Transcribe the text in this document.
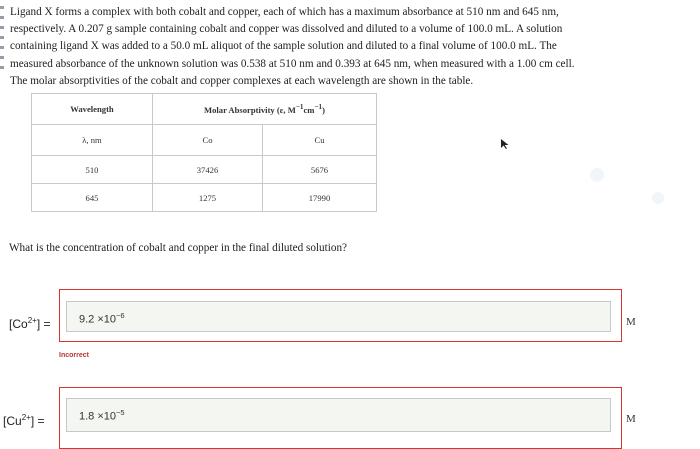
Ligand X forms a complex with both cobalt and copper, each of which has a maximum absorbance at 510 nm and 645 nm,

respectively. A 0.207 g sample containing cobalt and copper was dissolved and diluted to a volume of 100.0 mL. A solution

containing ligand X was added to a 50.0 mL aliquot of the sample solution and diluted to a final volume of 100.0 mL. The

measured absorbance of the unknown solution was 0.538 at 510 nm and 0.393 at 645 nm, when measured with a 1.00 cm cell.

The molar absorptivities of the cobalt and copper complexes at each wavelength are shown in the table.

Wavelength	Molar Absorptivity (ε, $M^{-1}cm^{-1}$)	
λ, nm	Co	Cu
510	37426	5676
645	1275	17990
What is the concentration of cobalt and copper in the final diluted solution?
$[Co^{2+}]$ =	$9.2 \times 10^{-6}$
M
Incorrect
$[Cu^{2+}]$ =	$1.8 \times 10^{-5}$
M
